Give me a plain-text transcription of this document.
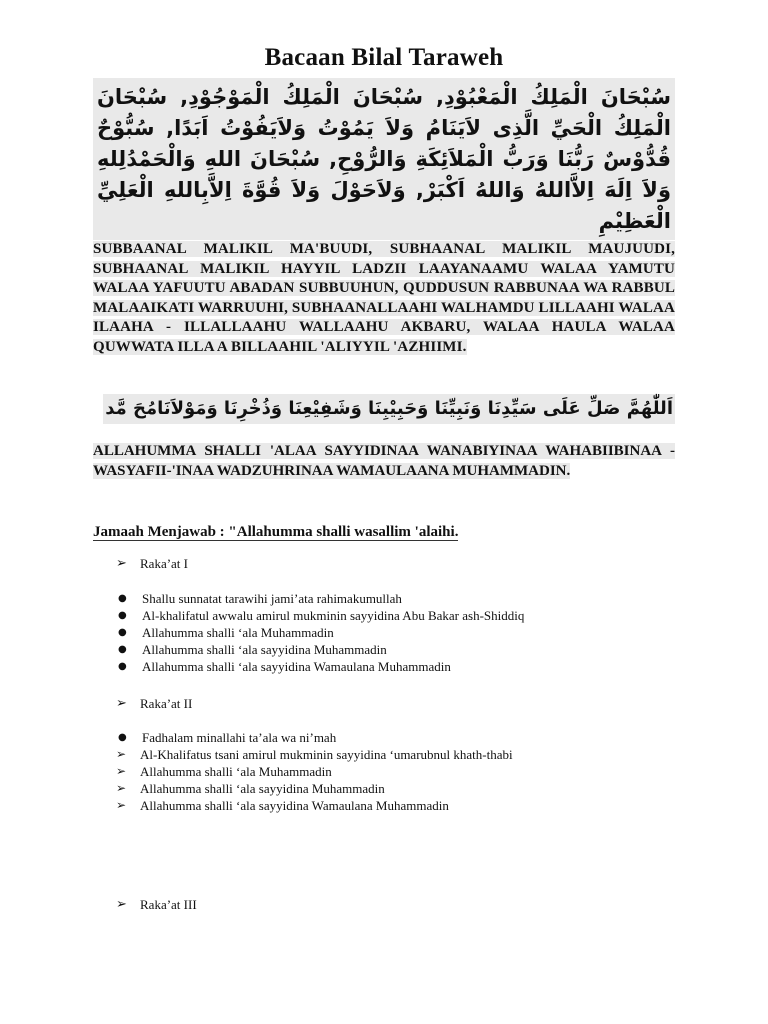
Bacaan Bilal Taraweh
سُبْحَانَ الْمَلِكُ الْمَعْبُوْدِ, سُبْحَانَ الْمَلِكُ الْمَوْجُوْدِ, سُبْحَانَ الْمَلِكُ الْحَيِّ الَّذِى لاَيَنَامُ وَلاَ يَمُوْتُ وَلاَيَفُوْتُ اَبَدًا, سُبُّوْحٌ قُدُّوْسٌ رَبُّنَا وَرَبُّ الْمَلاَئِكَةِ وَالرُّوْحِ, سُبْحَانَ اللهِ وَالْحَمْدُلِلهِ وَلاَ اِلَهَ اِلاَّاللهُ وَاللهُ اَكْبَرْ, وَلاَحَوْلَ وَلاَ قُوَّةَ اِلاَّبِاللهِ الْعَلِيِّ الْعَظِيْمِ
SUBBAANAL MALIKIL MA'BUUDI, SUBHAANAL MALIKIL MAUJUUDI, SUBHAANAL MALIKIL HAYYIL LADZII LAAYANAAMU WALAA YAMUTU WALAA YAFUUTU ABADAN SUBBUUHUN, QUDDUSUN RABBUNAA WA RABBUL MALAAIKATI WARRUUHI, SUBHAANALLAAHI WALHAMDU LILLAAHI WALAA ILAAHA - ILLALLAAHU WALLAAHU AKBARU, WALAA HAULA WALAA QUWWATA ILLA A BILLAAHIL 'ALIYYIL 'AZHIIMI.
اَللّٰهُمَّ صَلِّ عَلَى سَيِّدِنَا وَنَبِيِّنَا وَحَبِيْبِنَا وَشَفِيْعِنَا وَذُخْرِنَا وَمَوْلاَنَامُحَ مَّد
ALLAHUMMA SHALLI 'ALAA SAYYIDINAA WANABIYINAA WAHABIIBINAA - WASYAFII-'INAA WADZUHRINAA WAMAULAANA MUHAMMADIN.
Jamaah Menjawab : "Allahumma shalli wasallim 'alaihi.
➢	Raka’at I
●	Shallu sunnatat tarawihi jami’ata rahimakumullah
●	Al-khalifatul awwalu amirul mukminin sayyidina Abu Bakar ash-Shiddiq
●	Allahumma shalli ‘ala Muhammadin
●	Allahumma shalli ‘ala sayyidina Muhammadin
●	Allahumma shalli ‘ala sayyidina Wamaulana Muhammadin
➢	Raka’at II
●	Fadhalam minallahi ta’ala wa ni’mah
➢	Al-Khalifatus tsani amirul mukminin sayyidina ‘umarubnul khath-thabi
➢	Allahumma shalli ‘ala Muhammadin
➢	Allahumma shalli ‘ala sayyidina Muhammadin
➢	Allahumma shalli ‘ala sayyidina Wamaulana Muhammadin
➢	Raka’at III
